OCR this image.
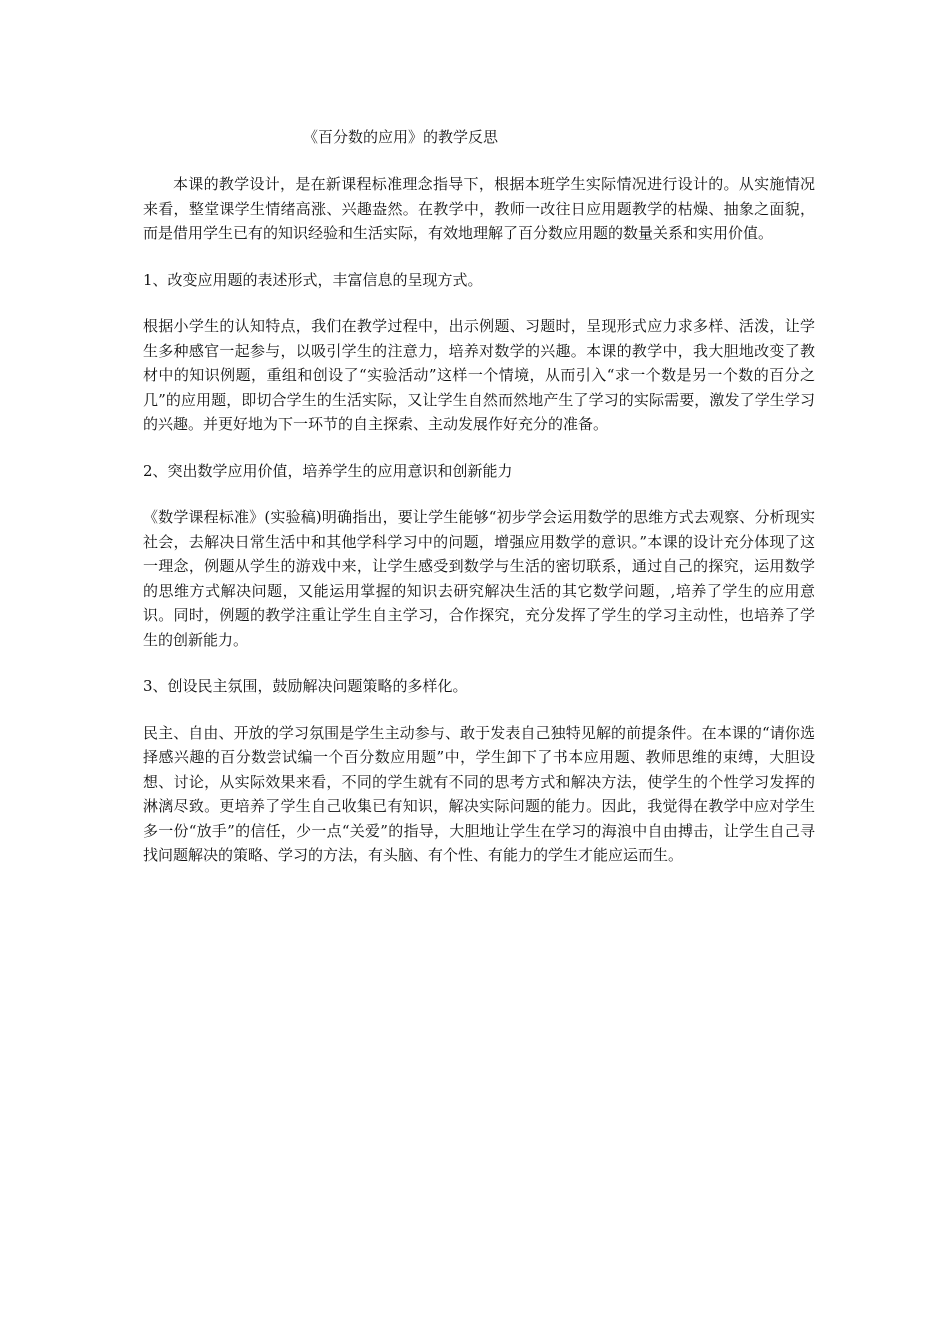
《百分数的应用》的教学反思

本课的教学设计，是在新课程标准理念指导下，根据本班学生实际情况进行设计的。从实施情况来看，整堂课学生情绪高涨、兴趣盎然。在教学中，教师一改往日应用题教学的枯燥、抽象之面貌，而是借用学生已有的知识经验和生活实际，有效地理解了百分数应用题的数量关系和实用价值。

1、改变应用题的表述形式，丰富信息的呈现方式。

根据小学生的认知特点，我们在教学过程中，出示例题、习题时，呈现形式应力求多样、活泼，让学生多种感官一起参与，以吸引学生的注意力，培养对数学的兴趣。本课的教学中，我大胆地改变了教材中的知识例题，重组和创设了“实验活动”这样一个情境，从而引入“求一个数是另一个数的百分之几”的应用题，即切合学生的生活实际，又让学生自然而然地产生了学习的实际需要，激发了学生学习的兴趣。并更好地为下一环节的自主探索、主动发展作好充分的准备。

2、突出数学应用价值，培养学生的应用意识和创新能力

《数学课程标准》(实验稿)明确指出，要让学生能够“初步学会运用数学的思维方式去观察、分析现实社会，去解决日常生活中和其他学科学习中的问题，增强应用数学的意识。”本课的设计充分体现了这一理念，例题从学生的游戏中来，让学生感受到数学与生活的密切联系，通过自己的探究，运用数学的思维方式解决问题，又能运用掌握的知识去研究解决生活的其它数学问题，,培养了学生的应用意识。同时，例题的教学注重让学生自主学习，合作探究，充分发挥了学生的学习主动性，也培养了学生的创新能力。

3、创设民主氛围，鼓励解决问题策略的多样化。

民主、自由、开放的学习氛围是学生主动参与、敢于发表自己独特见解的前提条件。在本课的“请你选择感兴趣的百分数尝试编一个百分数应用题”中，学生卸下了书本应用题、教师思维的束缚，大胆设想、讨论，从实际效果来看，不同的学生就有不同的思考方式和解决方法，使学生的个性学习发挥的淋漓尽致。更培养了学生自己收集已有知识，解决实际问题的能力。因此，我觉得在教学中应对学生多一份“放手”的信任，少一点“关爱”的指导，大胆地让学生在学习的海浪中自由搏击，让学生自己寻找问题解决的策略、学习的方法，有头脑、有个性、有能力的学生才能应运而生。
